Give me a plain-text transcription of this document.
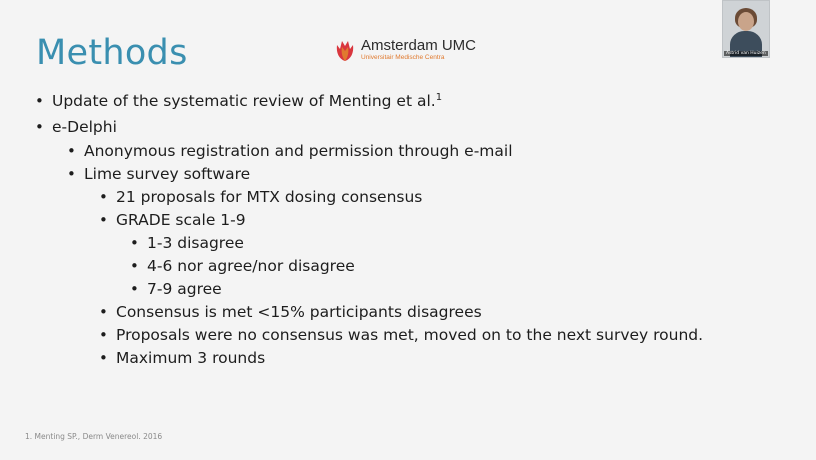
Methods	Amsterdam UMC
Universitair Medische Centra
• Update of the systematic review of Menting et al.$^1$
• e-Delphi
• Anonymous registration and permission through e-mail
• Lime survey software
• 21 proposals for MTX dosing consensus
• GRADE scale 1-9
• 1-3 disagree
• 4-6 nor agree/nor disagree
• 7-9 agree
• Consensus is met <15% participants disagrees
• Proposals were no consensus was met, moved on to the next survey round.
• Maximum 3 rounds
1. Menting SP., Derm Venereol. 2016
Astrid van Huizen
